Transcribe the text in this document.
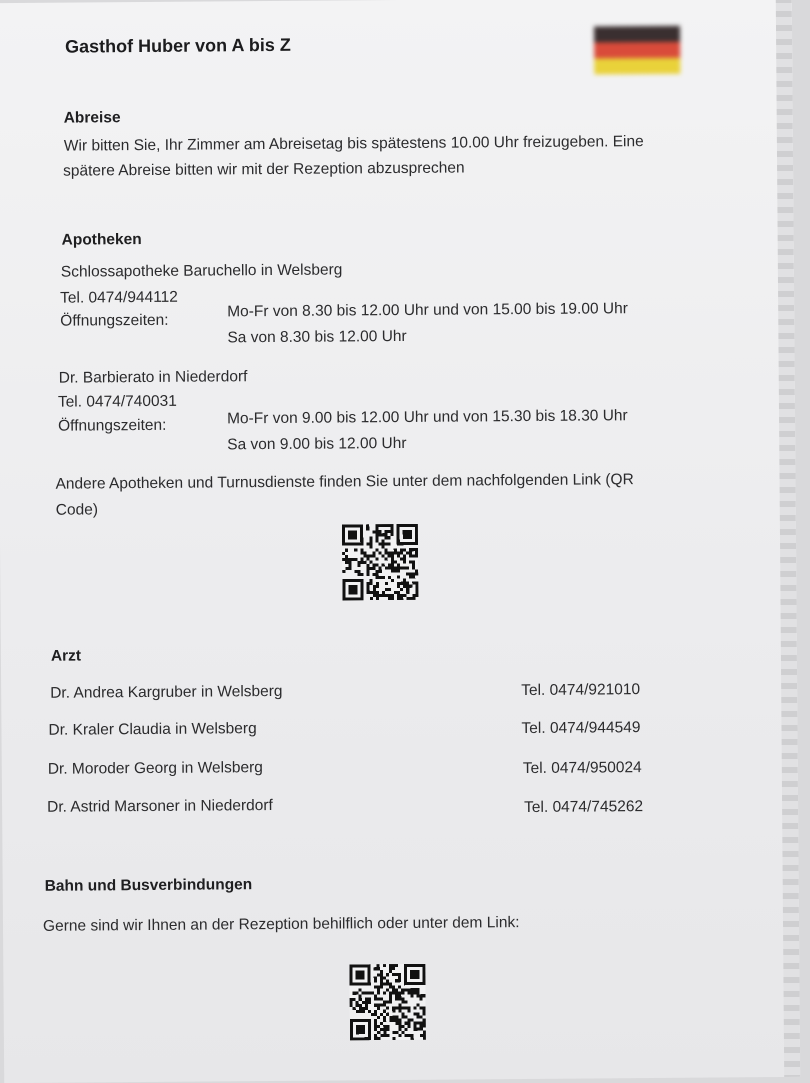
Gasthof Huber von A bis Z
Abreise
Wir bitten Sie, Ihr Zimmer am Abreisetag bis spätestens 10.00 Uhr freizugeben. Eine
spätere Abreise bitten wir mit der Rezeption abzusprechen
Apotheken
Schlossapotheke Baruchello in Welsberg
Tel. 0474/944112
Öffnungszeiten:
Mo-Fr von 8.30 bis 12.00 Uhr und von 15.00 bis 19.00 Uhr
Sa von 8.30 bis 12.00 Uhr
Dr. Barbierato in Niederdorf
Tel. 0474/740031
Öffnungszeiten:	Mo-Fr von 9.00 bis 12.00 Uhr und von 15.30 bis 18.30 Uhr
Sa von 9.00 bis 12.00 Uhr
Andere Apotheken und Turnusdienste finden Sie unter dem nachfolgenden Link (QR
Code)
Arzt
Dr. Andrea Kargruber in Welsberg	Tel. 0474/921010
Dr. Kraler Claudia in Welsberg	Tel. 0474/944549
Dr. Moroder Georg in Welsberg	Tel. 0474/950024
Dr. Astrid Marsoner in Niederdorf	Tel. 0474/745262
Bahn und Busverbindungen
Gerne sind wir Ihnen an der Rezeption behilflich oder unter dem Link:
